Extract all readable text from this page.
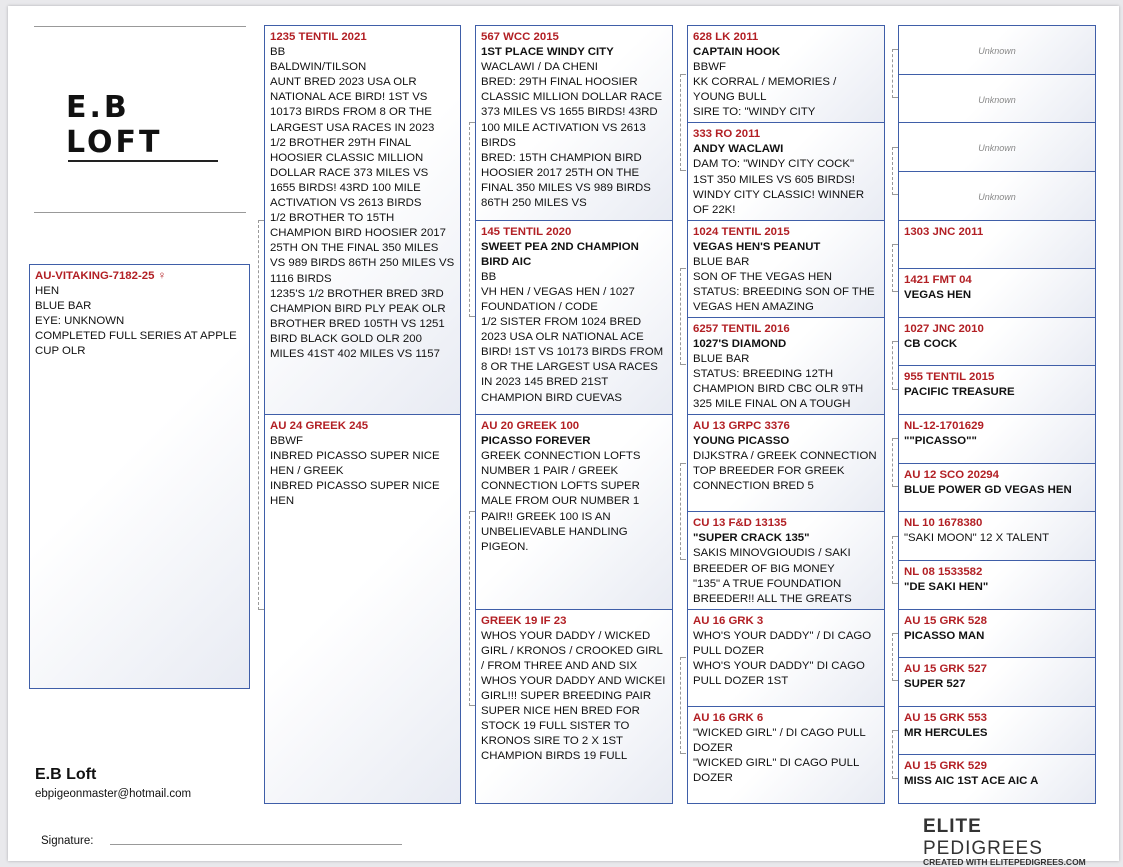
E.B LOFT
AU-VITAKING-7182-25 ♀
HEN
BLUE BAR
EYE: UNKNOWN
COMPLETED FULL SERIES AT APPLE CUP OLR
1235 TENTIL 2021
BB
BALDWIN/TILSON
AUNT BRED 2023 USA OLR NATIONAL ACE BIRD! 1ST VS 10173 BIRDS FROM 8 OR THE LARGEST USA RACES IN 2023
1/2 BROTHER 29TH FINAL HOOSIER CLASSIC MILLION DOLLAR RACE 373 MILES VS 1655 BIRDS! 43RD 100 MILE ACTIVATION VS 2613 BIRDS
1/2 BROTHER TO 15TH CHAMPION BIRD HOOSIER 2017 25TH ON THE FINAL 350 MILES VS 989 BIRDS 86TH 250 MILES VS 1116 BIRDS
1235'S 1/2 BROTHER BRED 3RD CHAMPION BIRD PLY PEAK OLR BROTHER BRED 105TH VS 1251 BIRD BLACK GOLD OLR 200 MILES 41ST 402 MILES VS 1157
AU 24 GREEK 245
BBWF
INBRED PICASSO SUPER NICE HEN / GREEK
INBRED PICASSO SUPER NICE HEN
567 WCC 2015
1ST PLACE WINDY CITY
WACLAWI / DA CHENI
BRED: 29TH FINAL HOOSIER CLASSIC MILLION DOLLAR RACE 373 MILES VS 1655 BIRDS! 43RD 100 MILE ACTIVATION VS 2613 BIRDS
BRED: 15TH CHAMPION BIRD HOOSIER 2017 25TH ON THE FINAL 350 MILES VS 989 BIRDS 86TH 250 MILES VS
145 TENTIL 2020
SWEET PEA 2ND CHAMPION BIRD AIC
BB
VH HEN / VEGAS HEN / 1027 FOUNDATION / CODE
1/2 SISTER FROM 1024 BRED 2023 USA OLR NATIONAL ACE BIRD! 1ST VS 10173 BIRDS FROM 8 OR THE LARGEST USA RACES IN 2023 145 BRED 21ST CHAMPION BIRD CUEVAS
AU 20 GREEK 100
PICASSO FOREVER
GREEK CONNECTION LOFTS NUMBER 1 PAIR / GREEK CONNECTION LOFTS SUPER MALE FROM OUR NUMBER 1 PAIR!! GREEK 100 IS AN UNBELIEVABLE HANDLING PIGEON.
GREEK 19 IF 23
WHOS YOUR DADDY / WICKED GIRL / KRONOS / CROOKED GIRL / FROM THREE AND AND SIX
WHOS YOUR DADDY AND WICKEI GIRL!!! SUPER BREEDING PAIR SUPER NICE HEN BRED FOR STOCK 19 FULL SISTER TO KRONOS SIRE TO 2 X 1ST CHAMPION BIRDS 19 FULL
628 LK 2011
CAPTAIN HOOK
BBWF
KK CORRAL / MEMORIES / YOUNG BULL
SIRE TO: "WINDY CITY
333 RO 2011
ANDY WACLAWI
DAM TO: "WINDY CITY COCK"
1ST 350 MILES VS 605 BIRDS! WINDY CITY CLASSIC! WINNER OF 22K!
1024 TENTIL 2015
VEGAS HEN'S PEANUT
BLUE BAR
SON OF THE VEGAS HEN
STATUS: BREEDING SON OF THE VEGAS HEN AMAZING
6257 TENTIL 2016
1027'S DIAMOND
BLUE BAR
STATUS: BREEDING 12TH CHAMPION BIRD CBC OLR 9TH 325 MILE FINAL ON A TOUGH
AU 13 GRPC 3376
YOUNG PICASSO
DIJKSTRA / GREEK CONNECTION
TOP BREEDER FOR GREEK CONNECTION BRED 5
CU 13 F&D 13135
"SUPER CRACK 135"
SAKIS MINOVGIOUDIS / SAKI BREEDER OF BIG MONEY
"135" A TRUE FOUNDATION BREEDER!! ALL THE GREATS
AU 16 GRK 3
WHO'S YOUR DADDY" / DI CAGO PULL DOZER
WHO'S YOUR DADDY" DI CAGO PULL DOZER 1ST
AU 16 GRK 6
"WICKED GIRL" / DI CAGO PULL DOZER
"WICKED GIRL" DI CAGO PULL DOZER
Unknown
Unknown
Unknown
Unknown
1303 JNC 2011
1421 FMT 04
VEGAS HEN
1027 JNC 2010
CB COCK
955 TENTIL 2015
PACIFIC TREASURE
NL-12-1701629
""PICASSO""
AU 12 SCO 20294
BLUE POWER GD VEGAS HEN
NL 10 1678380
"SAKI MOON" 12 X TALENT
NL 08 1533582
"DE SAKI HEN"
AU 15 GRK 528
PICASSO MAN
AU 15 GRK 527
SUPER 527
AU 15 GRK 553
MR HERCULES
AU 15 GRK 529
MISS AIC 1ST ACE AIC A
E.B Loft
ebpigeonmaster@hotmail.com
Signature:
ELITE PEDIGREES
CREATED WITH ELITEPEDIGREES.COM
